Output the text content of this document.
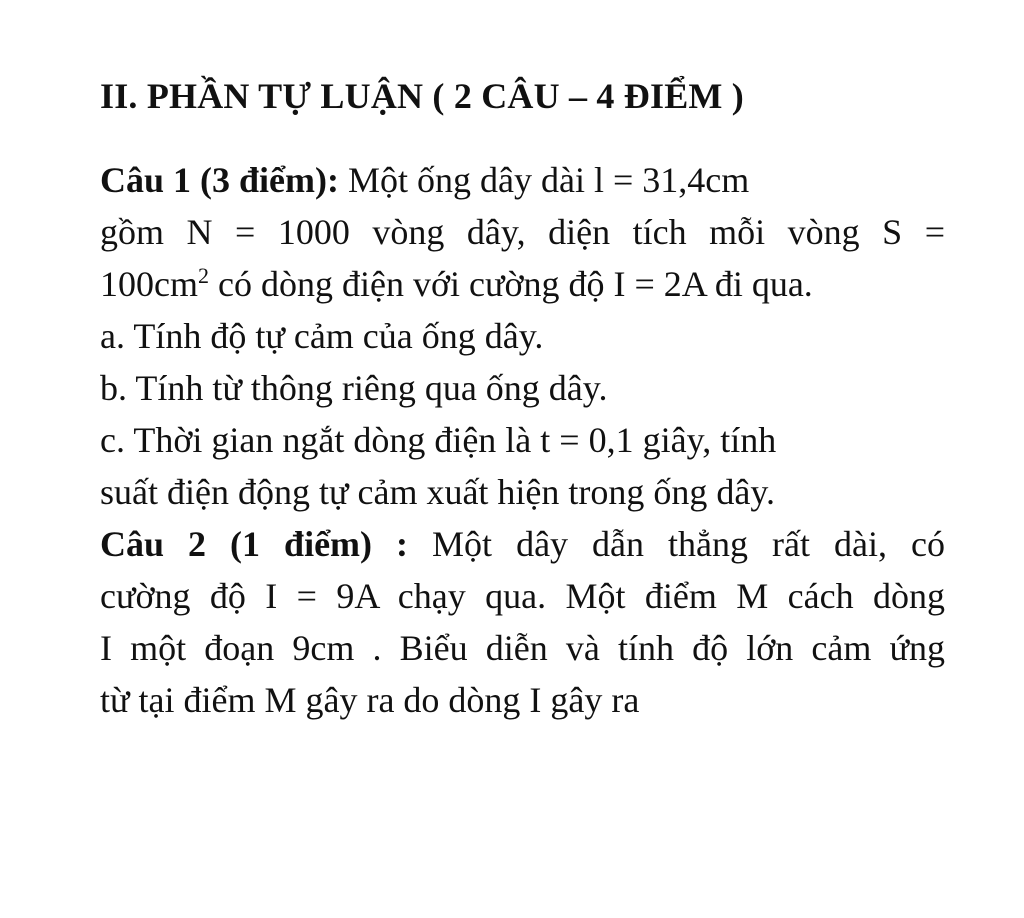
II. PHẦN TỰ LUẬN ( 2 CÂU – 4 ĐIỂM )

Câu 1 (3 điểm): Một ống dây dài l = 31,4cm

gồm N = 1000 vòng dây, diện tích mỗi vòng S =

$100cm^2$ có dòng điện với cường độ I = 2A đi qua.

a. Tính độ tự cảm của ống dây.

b. Tính từ thông riêng qua ống dây.

c. Thời gian ngắt dòng điện là t = 0,1 giây, tính

suất điện động tự cảm xuất hiện trong ống dây.

Câu 2 (1 điểm) : Một dây dẫn thẳng rất dài, có

cường độ I = 9A chạy qua. Một điểm M cách dòng

I một đoạn 9cm . Biểu diễn và tính độ lớn cảm ứng

từ tại điểm M gây ra do dòng I gây ra
